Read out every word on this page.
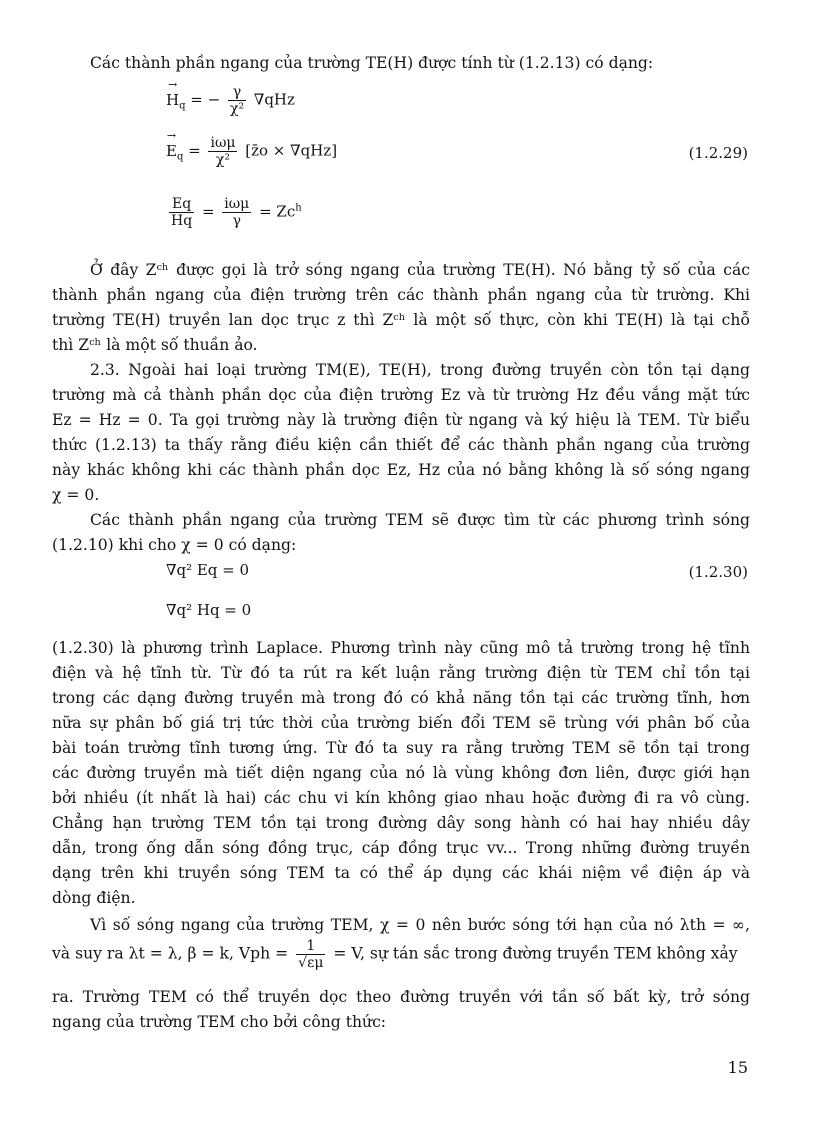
Các thành phần ngang của trường TE(H) được tính từ (1.2.13) có dạng:

→ $H_q$ = − $\frac{\gamma}{\text{χ²}} \nabla qHz$
→ $E_q = \frac{\text{iωμ}}{\text{χ²}}$ [z̄o × ∇qHz]	(1.2.29)
$\frac{Eq}{Hq} = \frac{\text{iωμ}}{\gamma} = Zc^h$

Ở đây Zᶜʰ được gọi là trở sóng ngang của trường TE(H). Nó bằng tỷ số của các
thành phần ngang của điện trường trên các thành phần ngang của từ trường. Khi
trường TE(H) truyền lan dọc trục z thì Zᶜʰ là một số thực, còn khi TE(H) là tại chỗ
thì Zᶜʰ là một số thuần ảo.

2.3. Ngoài hai loại trường TM(E), TE(H), trong đường truyền còn tồn tại dạng
trường mà cả thành phần dọc của điện trường Ez và từ trường Hz đều vắng mặt tức
Ez = Hz = 0. Ta gọi trường này là trường điện từ ngang và ký hiệu là TEM. Từ biểu
thức (1.2.13) ta thấy rằng điều kiện cần thiết để các thành phần ngang của trường
này khác không khi các thành phần dọc Ez, Hz của nó bằng không là số sóng ngang
χ = 0.

Các thành phần ngang của trường TEM sẽ được tìm từ các phương trình sóng
(1.2.10) khi cho χ = 0 có dạng:

∇q² Eq = 0	(1.2.30)
∇q² Hq = 0

(1.2.30) là phương trình Laplace. Phương trình này cũng mô tả trường trong hệ tĩnh
điện và hệ tĩnh từ. Từ đó ta rút ra kết luận rằng trường điện từ TEM chỉ tồn tại
trong các dạng đường truyền mà trong đó có khả năng tồn tại các trường tĩnh, hơn
nữa sự phân bố giá trị tức thời của trường biến đổi TEM sẽ trùng với phân bố của
bài toán trường tĩnh tương ứng. Từ đó ta suy ra rằng trường TEM sẽ tồn tại trong
các đường truyền mà tiết diện ngang của nó là vùng không đơn liên, được giới hạn
bởi nhiều (ít nhất là hai) các chu vi kín không giao nhau hoặc đường đi ra vô cùng.
Chẳng hạn trường TEM tồn tại trong đường dây song hành có hai hay nhiều dây
dẫn, trong ống dẫn sóng đồng trục, cáp đồng trục vv... Trong những đường truyền
dạng trên khi truyền sóng TEM ta có thể áp dụng các khái niệm về điện áp và
dòng điện.

Vì số sóng ngang của trường TEM, χ = 0 nên bước sóng tới hạn của nó λth = ∞,

và suy ra λt = λ, β = k, Vph = $\frac{1}{√\varepsilon\mu} = V$, sự tán sắc trong đường truyền TEM không xảy

ra. Trường TEM có thể truyền dọc theo đường truyền với tần số bất kỳ, trở sóng
ngang của trường TEM cho bởi công thức:

15
